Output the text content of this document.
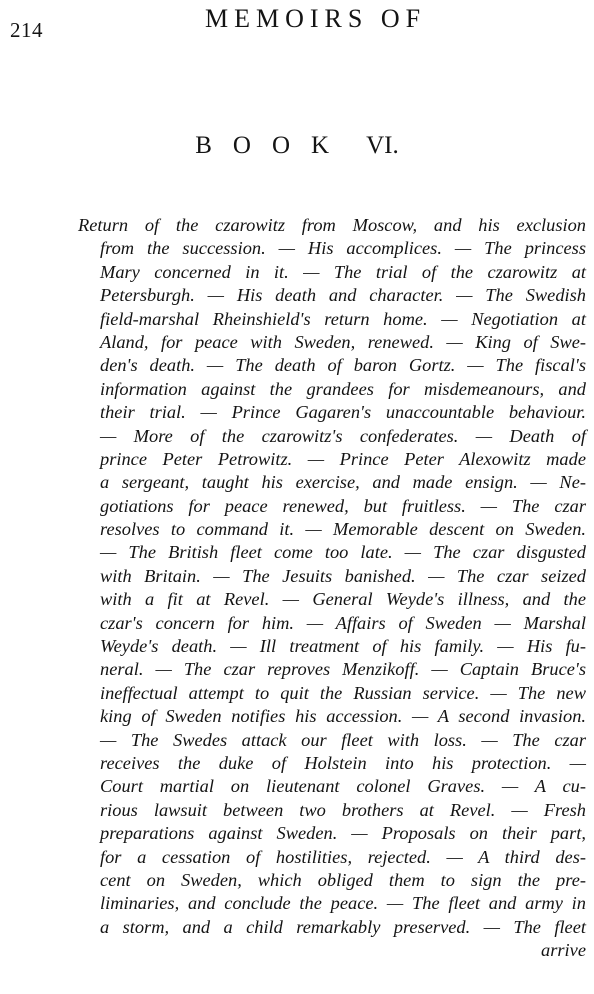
214	MEMOIRS OF
BOOK VI.
Return of the czarowitz from Moscow, and his exclusion
from the succession. — His accomplices. — The princess
Mary concerned in it. — The trial of the czarowitz at
Petersburgh. — His death and character. — The Swedish
field-marshal Rheinshield's return home. — Negotiation at
Aland, for peace with Sweden, renewed. — King of Swe-
den's death. — The death of baron Gortz. — The fiscal's
information against the grandees for misdemeanours, and
their trial. — Prince Gagaren's unaccountable behaviour.
— More of the czarowitz's confederates. — Death of
prince Peter Petrowitz. — Prince Peter Alexowitz made
a sergeant, taught his exercise, and made ensign. — Ne-
gotiations for peace renewed, but fruitless. — The czar
resolves to command it. — Memorable descent on Sweden.
— The British fleet come too late. — The czar disgusted
with Britain. — The Jesuits banished. — The czar seized
with a fit at Revel. — General Weyde's illness, and the
czar's concern for him. — Affairs of Sweden — Marshal
Weyde's death. — Ill treatment of his family. — His fu-
neral. — The czar reproves Menzikoff. — Captain Bruce's
ineffectual attempt to quit the Russian service. — The new
king of Sweden notifies his accession. — A second invasion.
— The Swedes attack our fleet with loss. — The czar
receives the duke of Holstein into his protection. —
Court martial on lieutenant colonel Graves. — A cu-
rious lawsuit between two brothers at Revel. — Fresh
preparations against Sweden. — Proposals on their part,
for a cessation of hostilities, rejected. — A third des-
cent on Sweden, which obliged them to sign the pre-
liminaries, and conclude the peace. — The fleet and army in
a storm, and a child remarkably preserved. — The fleet
arrive
